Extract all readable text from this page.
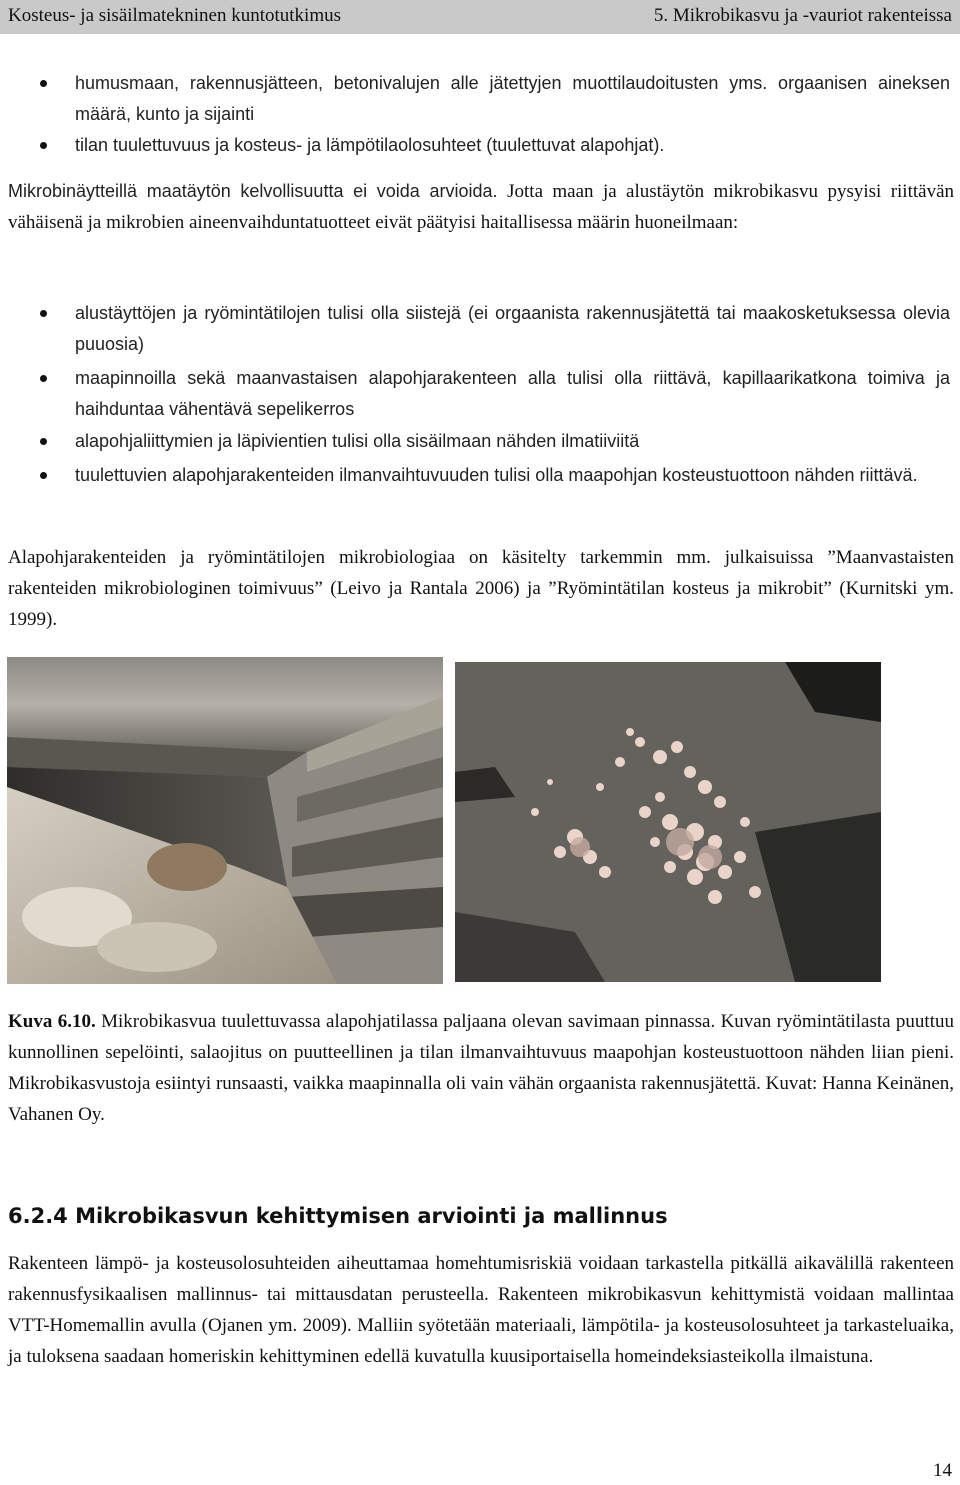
Kosteus- ja sisäilmatekninen kuntotutkimus	5. Mikrobikasvu ja -vauriot rakenteissa
humusmaan, rakennusjätteen, betonivalujen alle jätettyjen muottilaudoitusten yms. orgaanisen aineksen määrä, kunto ja sijainti
tilan tuulettuvuus ja kosteus- ja lämpötilaolosuhteet (tuulettuvat alapohjat).
Mikrobinäytteillä maatäytön kelvollisuutta ei voida arvioida. Jotta maan ja alustäytön mikrobikasvu pysyisi riittävän vähäisenä ja mikrobien aineenvaihduntatuotteet eivät päätyisi haitallisessa määrin huoneilmaan:
alustäyttöjen ja ryömintätilojen tulisi olla siistejä (ei orgaanista rakennusjätettä tai maakosketuksessa olevia puuosia)
maapinnoilla sekä maanvastaisen alapohjarakenteen alla tulisi olla riittävä, kapillaarikatkona toimiva ja haihduntaa vähentävä sepelikerros
alapohjaliittymien ja läpivientien tulisi olla sisäilmaan nähden ilmatiiviitä
tuulettuvien alapohjarakenteiden ilmanvaihtuvuuden tulisi olla maapohjan kosteustuottoon nähden riittävä.
Alapohjarakenteiden ja ryömintätilojen mikrobiologiaa on käsitelty tarkemmin mm. julkaisuissa ”Maanvastaisten rakenteiden mikrobiologinen toimivuus” (Leivo ja Rantala 2006) ja ”Ryömintätilan kosteus ja mikrobit” (Kurnitski ym. 1999).
Kuva 6.10. Mikrobikasvua tuulettuvassa alapohjatilassa paljaana olevan savimaan pinnassa. Kuvan ryömintätilasta puuttuu kunnollinen sepelöinti, salaojitus on puutteellinen ja tilan ilmanvaihtuvuus maapohjan kosteustuottoon nähden liian pieni. Mikrobikasvustoja esiintyi runsaasti, vaikka maapinnalla oli vain vähän orgaanista rakennusjätettä. Kuvat: Hanna Keinänen, Vahanen Oy.
6.2.4 Mikrobikasvun kehittymisen arviointi ja mallinnus
Rakenteen lämpö- ja kosteusolosuhteiden aiheuttamaa homehtumisriskiä voidaan tarkastella pitkällä aikavälillä rakenteen rakennusfysikaalisen mallinnus- tai mittausdatan perusteella. Rakenteen mikrobikasvun kehittymistä voidaan mallintaa VTT-Homemallin avulla (Ojanen ym. 2009). Malliin syötetään materiaali, lämpötila- ja kosteusolosuhteet ja tarkasteluaika, ja tuloksena saadaan homeriskin kehittyminen edellä kuvatulla kuusiportaisella homeindeksiasteikolla ilmaistuna.
14
